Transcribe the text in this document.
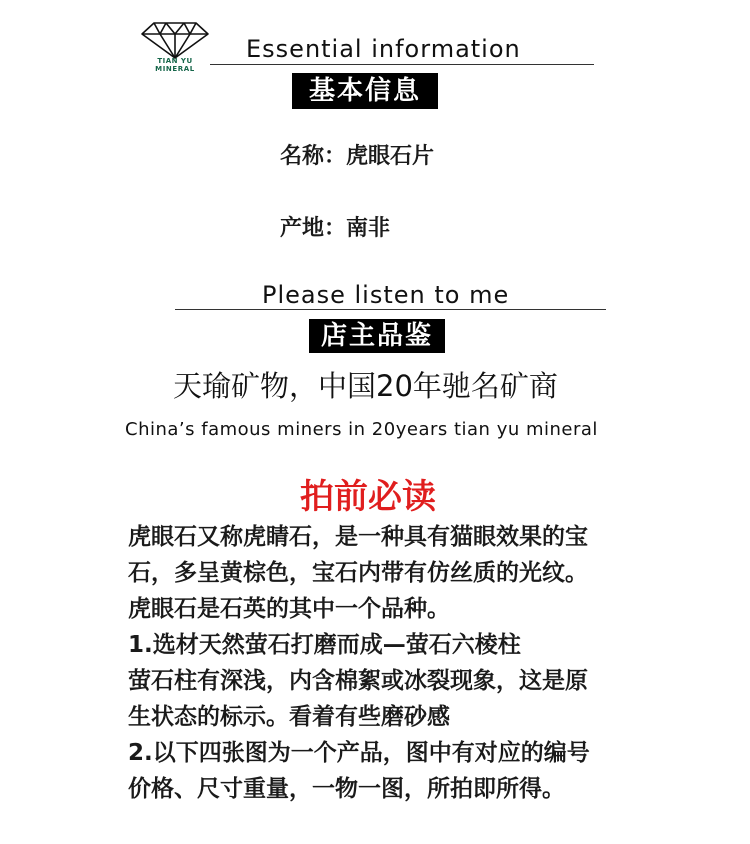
TIAN YU
MINERAL
Essential information
基本信息
名称：虎眼石片
产地：南非
Please listen to me
店主品鉴
天瑜矿物，中国20年驰名矿商
China’s famous miners in 20years tian yu mineral
拍前必读
虎眼石又称虎睛石，是一种具有猫眼效果的宝
石，多呈黄棕色，宝石内带有仿丝质的光纹。
虎眼石是石英的其中一个品种。
1.选材天然萤石打磨而成—萤石六棱柱
萤石柱有深浅，内含棉絮或冰裂现象，这是原
生状态的标示。看着有些磨砂感
2.以下四张图为一个产品，图中有对应的编号
价格、尺寸重量，一物一图，所拍即所得。
